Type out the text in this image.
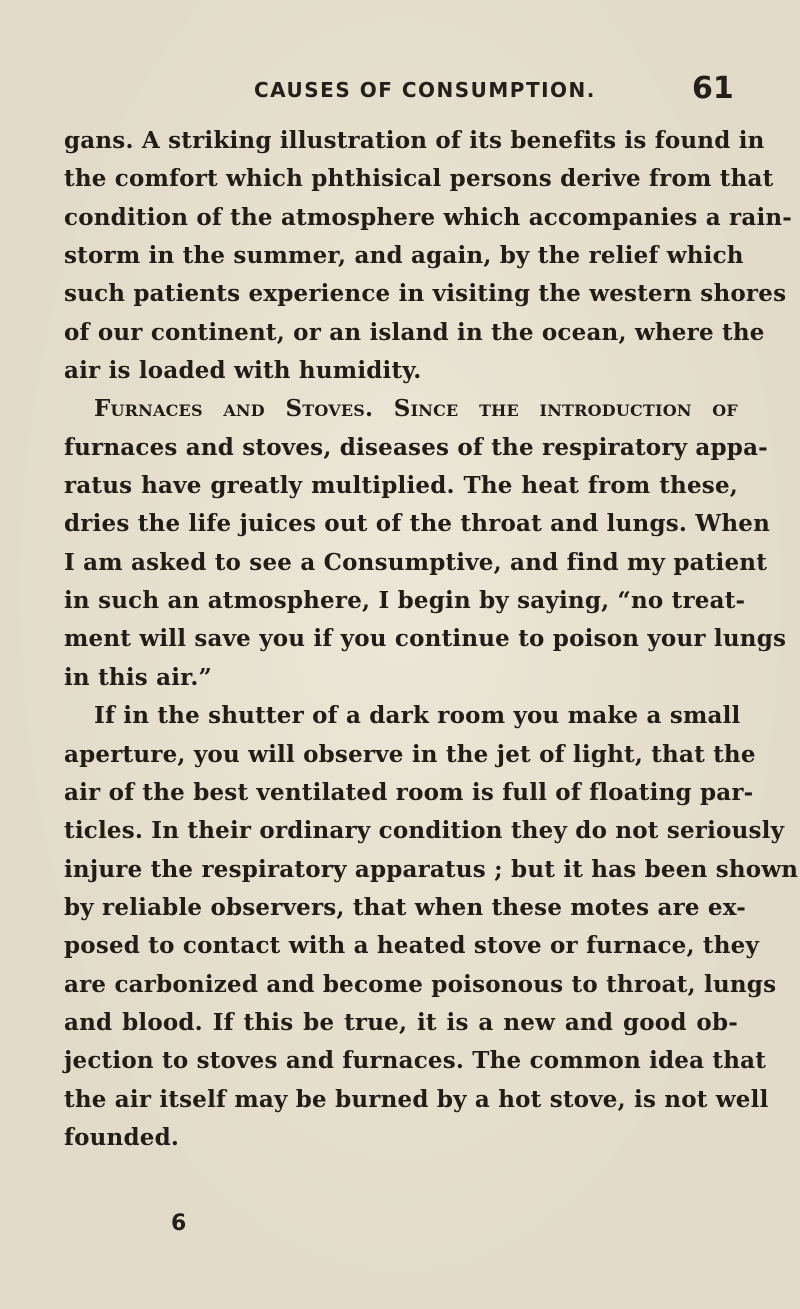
CAUSES OF CONSUMPTION.	61
gans. A striking illustration of its benefits is found in
the comfort which phthisical persons derive from that
condition of the atmosphere which accompanies a rain-
storm in the summer, and again, by the relief which
such patients experience in visiting the western shores
of our continent, or an island in the ocean, where the
air is loaded with humidity.
Furnaces and Stoves. Since the introduction of
furnaces and stoves, diseases of the respiratory appa-
ratus have greatly multiplied. The heat from these,
dries the life juices out of the throat and lungs. When
I am asked to see a Consumptive, and find my patient
in such an atmosphere, I begin by saying, “no treat-
ment will save you if you continue to poison your lungs
in this air.”
If in the shutter of a dark room you make a small
aperture, you will observe in the jet of light, that the
air of the best ventilated room is full of floating par-
ticles. In their ordinary condition they do not seriously
injure the respiratory apparatus ; but it has been shown
by reliable observers, that when these motes are ex-
posed to contact with a heated stove or furnace, they
are carbonized and become poisonous to throat, lungs
and blood. If this be true, it is a new and good ob-
jection to stoves and furnaces. The common idea that
the air itself may be burned by a hot stove, is not well
founded.
6
